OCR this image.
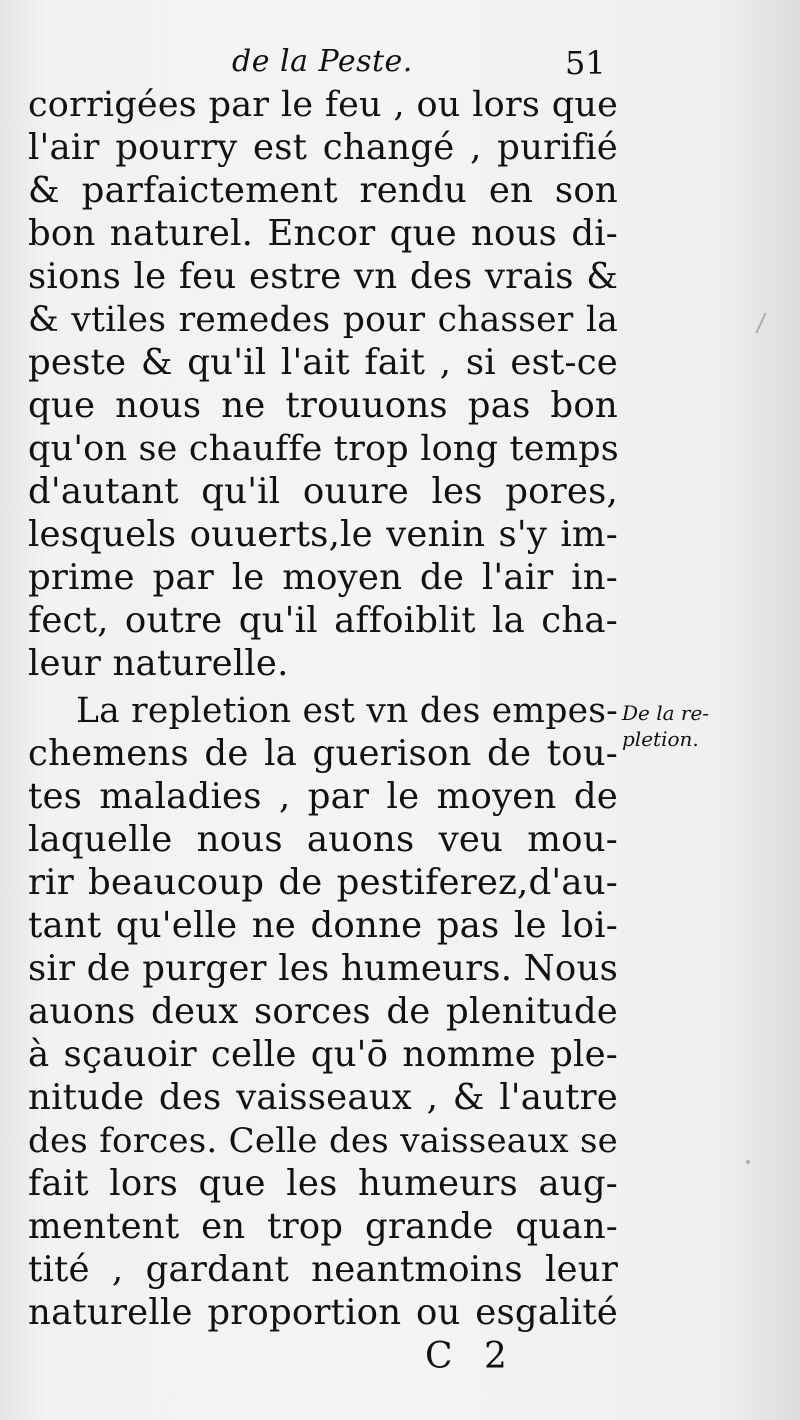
de la Peste.	51
corrigées par le feu , ou lors que
l'air pourry est changé , purifié
& parfaictement rendu en son
bon naturel. Encor que nous di-
sions le feu estre vn des vrais &
& vtiles remedes pour chasser la
peste & qu'il l'ait fait , si est-ce
que nous ne trouuons pas bon
qu'on se chauffe trop long temps
d'autant qu'il ouure les pores,
lesquels ouuerts,le venin s'y im-
prime par le moyen de l'air in-
fect, outre qu'il affoiblit la cha-
leur naturelle.
La repletion est vn des empes-
chemens de la guerison de tou-
tes maladies , par le moyen de
laquelle nous auons veu mou-
rir beaucoup de pestiferez,d'au-
tant qu'elle ne donne pas le loi-
sir de purger les humeurs. Nous
auons deux sorces de plenitude
à sçauoir celle qu'ō nomme ple-
nitude des vaisseaux , & l'autre
des forces. Celle des vaisseaux se
fait lors que les humeurs aug-
mentent en trop grande quan-
tité , gardant neantmoins leur
naturelle proportion ou esgalité
De la re-
pletion.
C 2
